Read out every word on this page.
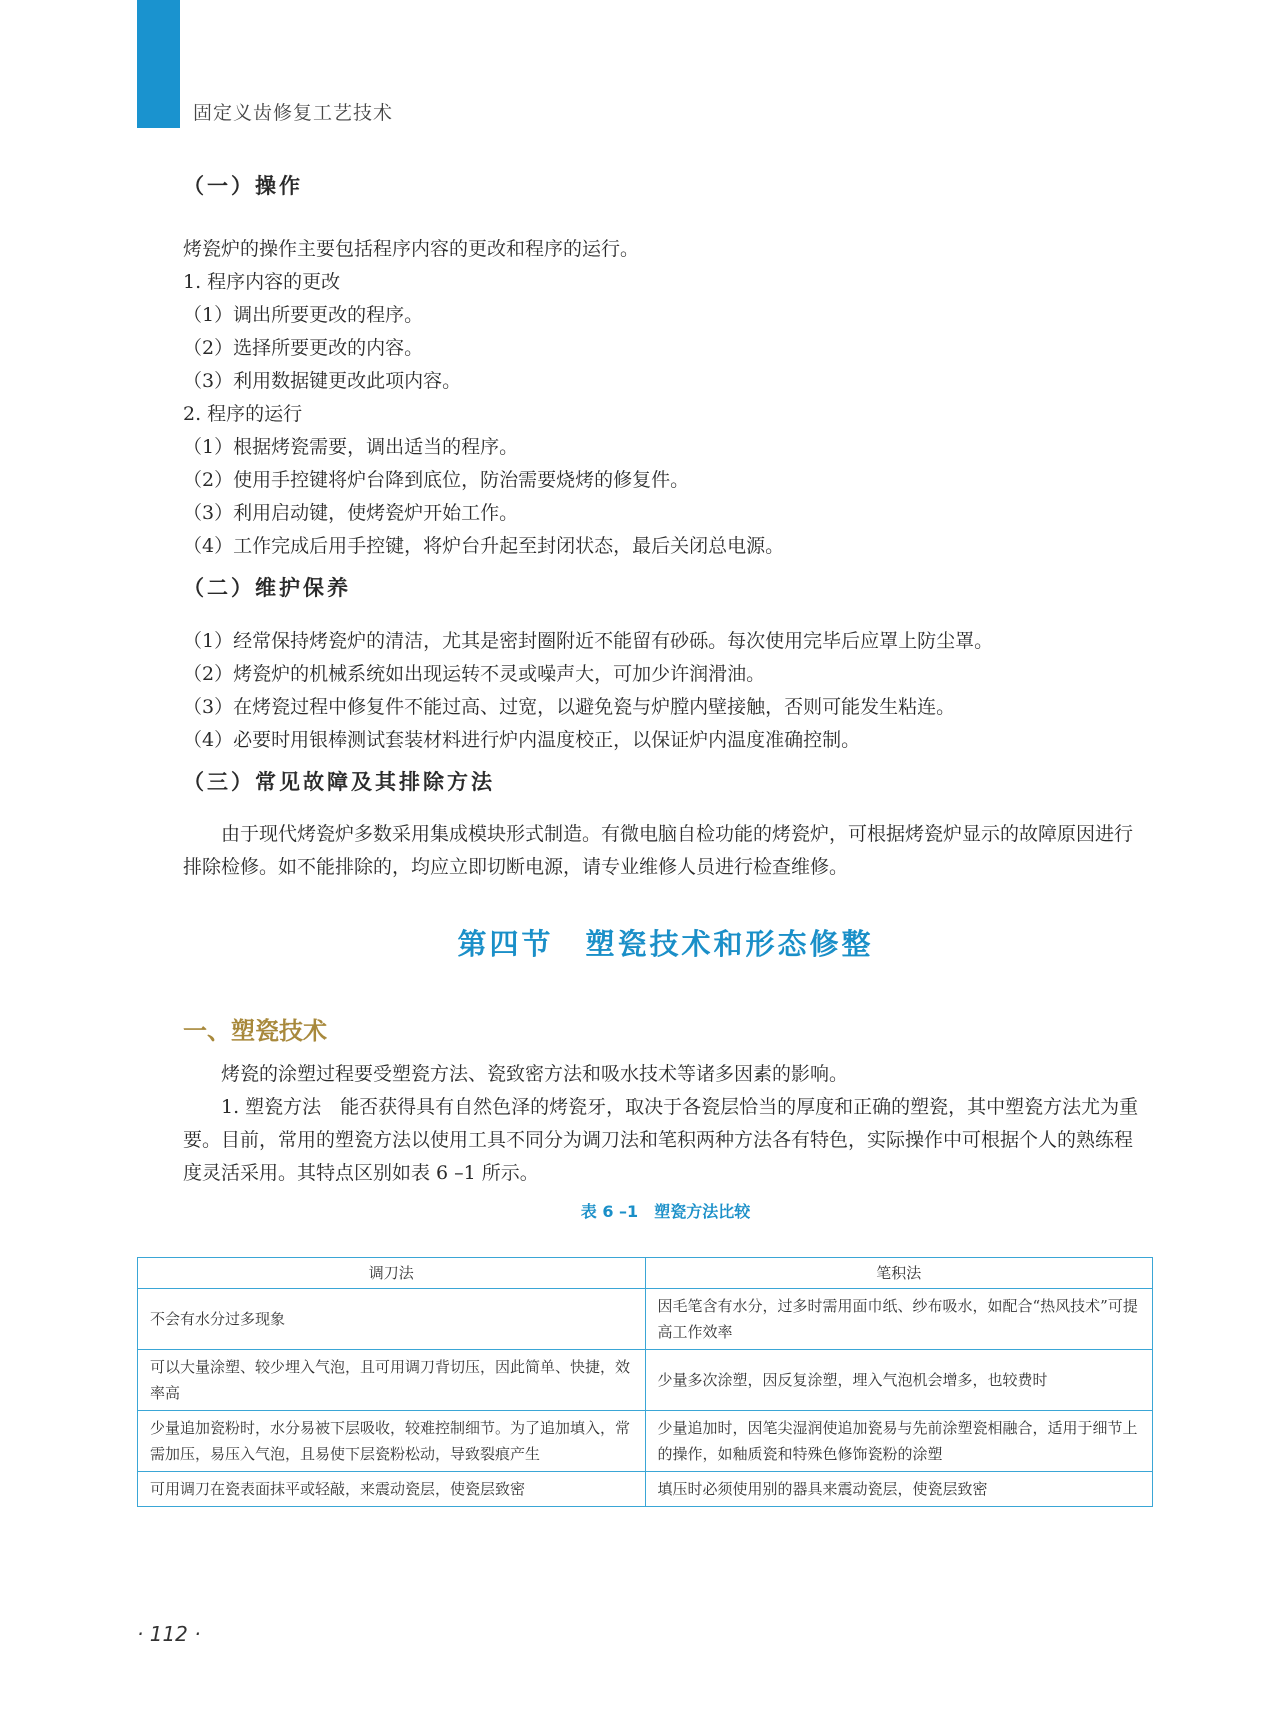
固定义齿修复工艺技术
（一）操作

烤瓷炉的操作主要包括程序内容的更改和程序的运行。

1. 程序内容的更改

（1）调出所要更改的程序。

（2）选择所要更改的内容。

（3）利用数据键更改此项内容。

2. 程序的运行

（1）根据烤瓷需要，调出适当的程序。

（2）使用手控键将炉台降到底位，防治需要烧烤的修复件。

（3）利用启动键，使烤瓷炉开始工作。

（4）工作完成后用手控键，将炉台升起至封闭状态，最后关闭总电源。

（二）维护保养

（1）经常保持烤瓷炉的清洁，尤其是密封圈附近不能留有砂砾。每次使用完毕后应罩上防尘罩。

（2）烤瓷炉的机械系统如出现运转不灵或噪声大，可加少许润滑油。

（3）在烤瓷过程中修复件不能过高、过宽，以避免瓷与炉膛内壁接触，否则可能发生粘连。

（4）必要时用银棒测试套装材料进行炉内温度校正，以保证炉内温度准确控制。

（三）常见故障及其排除方法

由于现代烤瓷炉多数采用集成模块形式制造。有微电脑自检功能的烤瓷炉，可根据烤瓷炉显示的故障原因进行排除检修。如不能排除的，均应立即切断电源，请专业维修人员进行检查维修。

第四节　塑瓷技术和形态修整
一、塑瓷技术

烤瓷的涂塑过程要受塑瓷方法、瓷致密方法和吸水技术等诸多因素的影响。

1. 塑瓷方法　能否获得具有自然色泽的烤瓷牙，取决于各瓷层恰当的厚度和正确的塑瓷，其中塑瓷方法尤为重要。目前，常用的塑瓷方法以使用工具不同分为调刀法和笔积两种方法各有特色，实际操作中可根据个人的熟练程度灵活采用。其特点区别如表 6 –1 所示。

表 6 –1　塑瓷方法比较

调刀法	笔积法
不会有水分过多现象	因毛笔含有水分，过多时需用面巾纸、纱布吸水，如配合“热风技术”可提高工作效率
可以大量涂塑、较少埋入气泡，且可用调刀背切压，因此简单、快捷，效率高	少量多次涂塑，因反复涂塑，埋入气泡机会增多，也较费时
少量追加瓷粉时，水分易被下层吸收，较难控制细节。为了追加填入，常需加压，易压入气泡，且易使下层瓷粉松动，导致裂痕产生	少量追加时，因笔尖湿润使追加瓷易与先前涂塑瓷相融合，适用于细节上的操作，如釉质瓷和特殊色修饰瓷粉的涂塑
可用调刀在瓷表面抹平或轻敲，来震动瓷层，使瓷层致密	填压时必须使用别的器具来震动瓷层，使瓷层致密
· 112 ·
